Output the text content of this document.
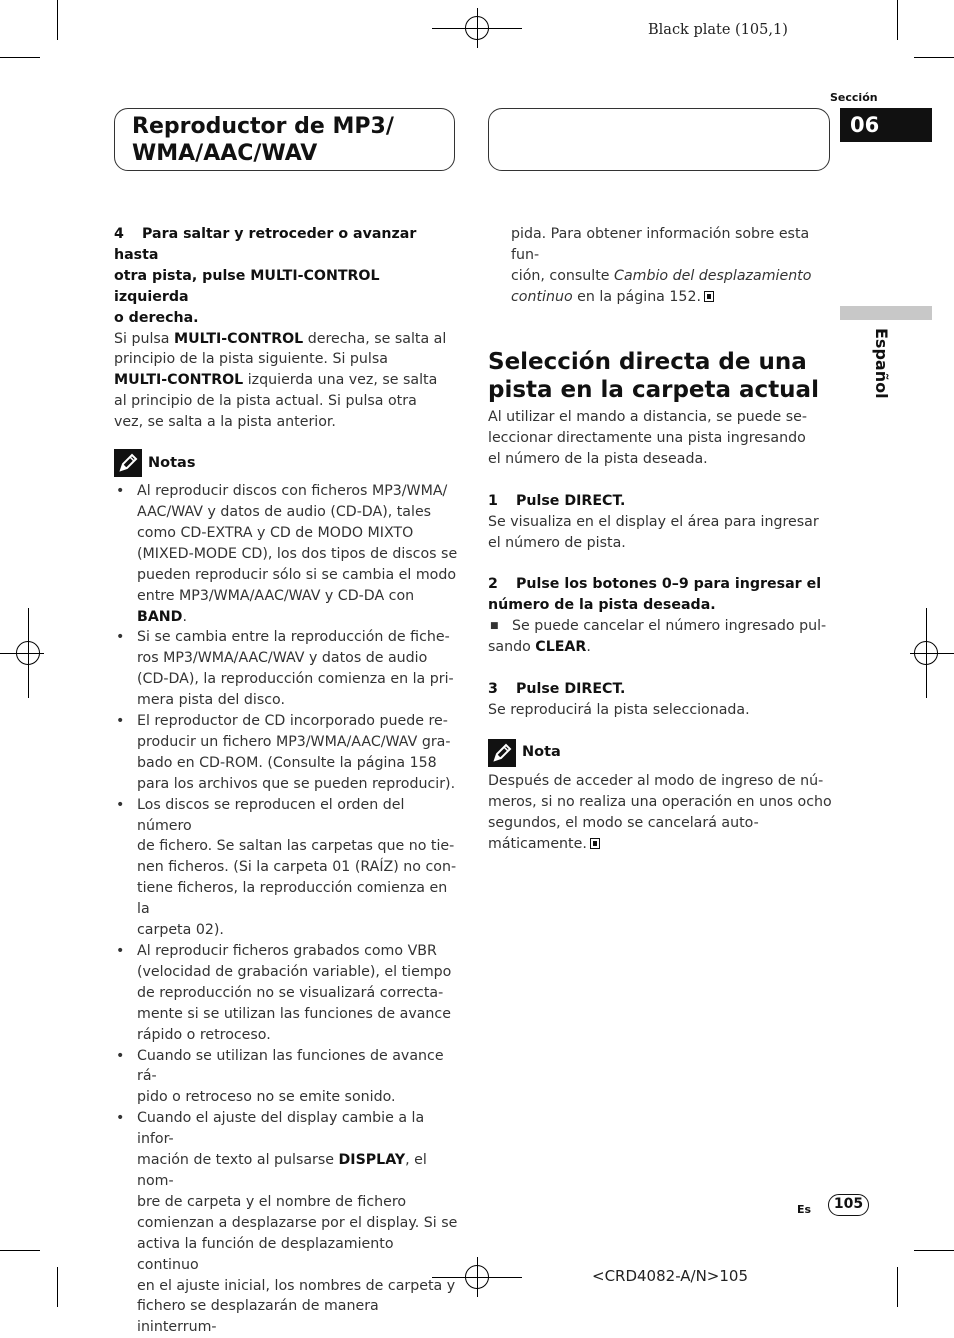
Black plate (105,1)
Reproductor de MP3/
WMA/AAC/WAV
Sección
06
Español

4 Para saltar y retroceder o avanzar hasta

otra pista, pulse MULTI-CONTROL izquierda

o derecha.

Si pulsa MULTI-CONTROL derecha, se salta al

principio de la pista siguiente. Si pulsa

MULTI-CONTROL izquierda una vez, se salta

al principio de la pista actual. Si pulsa otra

vez, se salta a la pista anterior.

Notas
• Al reproducir discos con ficheros MP3/WMA/
AAC/WAV y datos de audio (CD-DA), tales
como CD-EXTRA y CD de MODO MIXTO
(MIXED-MODE CD), los dos tipos de discos se
pueden reproducir sólo si se cambia el modo
entre MP3/WMA/AAC/WAV y CD-DA con
BAND.
• Si se cambia entre la reproducción de fiche-
ros MP3/WMA/AAC/WAV y datos de audio
(CD-DA), la reproducción comienza en la pri-
mera pista del disco.
• El reproductor de CD incorporado puede re-
producir un fichero MP3/WMA/AAC/WAV gra-
bado en CD-ROM. (Consulte la página 158
para los archivos que se pueden reproducir).
• Los discos se reproducen el orden del número
de fichero. Se saltan las carpetas que no tie-
nen ficheros. (Si la carpeta 01 (RAÍZ) no con-
tiene ficheros, la reproducción comienza en la
carpeta 02).
• Al reproducir ficheros grabados como VBR
(velocidad de grabación variable), el tiempo
de reproducción no se visualizará correcta-
mente si se utilizan las funciones de avance
rápido o retroceso.
• Cuando se utilizan las funciones de avance rá-
pido o retroceso no se emite sonido.
• Cuando el ajuste del display cambie a la infor-
mación de texto al pulsarse DISPLAY, el nom-
bre de carpeta y el nombre de fichero
comienzan a desplazarse por el display. Si se
activa la función de desplazamiento continuo
en el ajuste inicial, los nombres de carpeta y
fichero se desplazarán de manera ininterrum-

pida. Para obtener información sobre esta fun-

ción, consulte Cambio del desplazamiento

continuo en la página 152.

Selección directa de una
pista en la carpeta actual

Al utilizar el mando a distancia, se puede se-

leccionar directamente una pista ingresando

el número de la pista deseada.

1 Pulse DIRECT.

Se visualiza en el display el área para ingresar

el número de pista.

2 Pulse los botones 0–9 para ingresar el

número de la pista deseada.

■ Se puede cancelar el número ingresado pul-

sando CLEAR.

3 Pulse DIRECT.

Se reproducirá la pista seleccionada.

Nota

Después de acceder al modo de ingreso de nú-

meros, si no realiza una operación en unos ocho

segundos, el modo se cancelará auto-

máticamente.

Es	105
<CRD4082-A/N>105
